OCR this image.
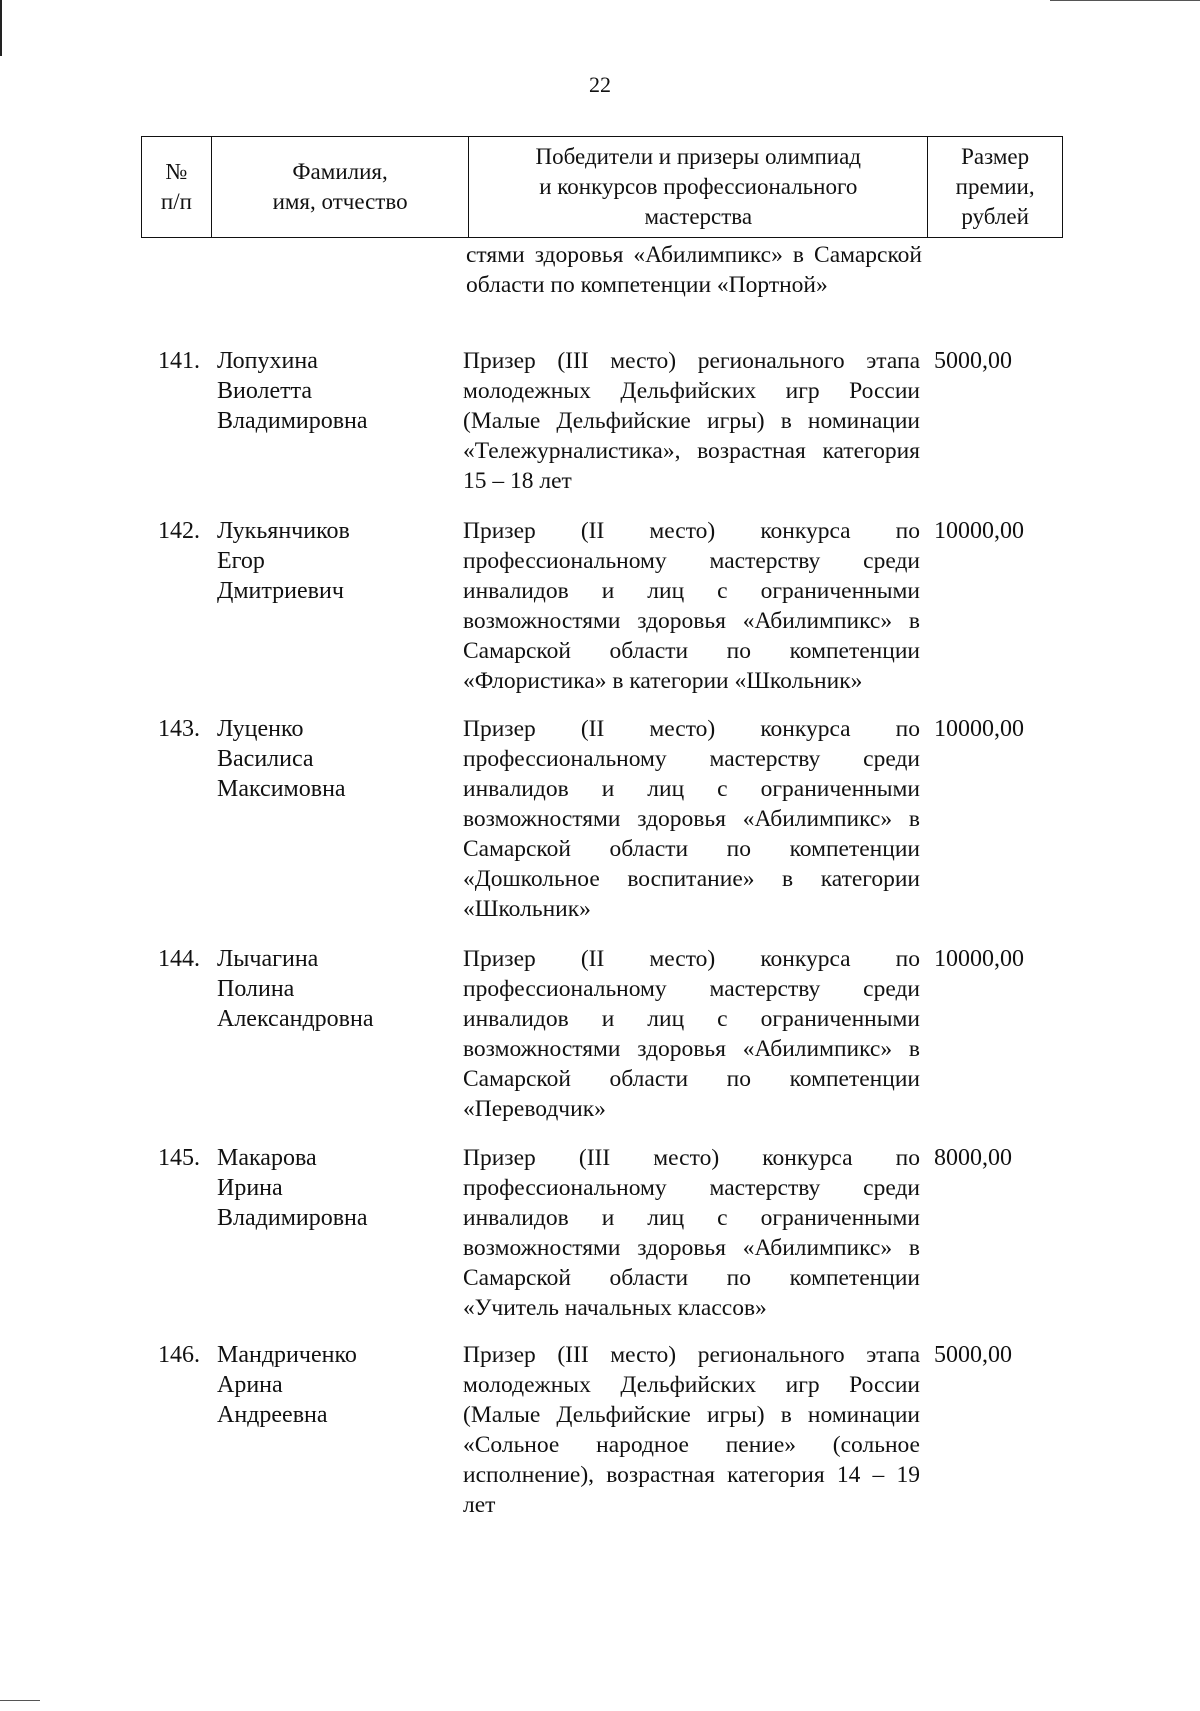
22
№
п/п
Фамилия,
имя, отчество
Победители и призеры олимпиад
и конкурсов профессионального
мастерства
Размер
премии,
рублей
стями здоровья «Абилимпикс» в Самарской области по компетенции «Портной»
141. Лопухина
Виолетта
Владимировна
Призер (III место) регионального этапа молодежных Дельфийских игр России (Малые Дельфийские игры) в номинации «Тележурналистика», возрастная категория 15 – 18 лет
5000,00
142. Лукьянчиков
Егор
Дмитриевич
Призер (II место) конкурса по профессиональному мастерству среди инвалидов и лиц с ограниченными возможностями здоровья «Абилимпикс» в Самарской области по компетенции «Флористика» в категории «Школьник»
10000,00
143. Луценко
Василиса
Максимовна
Призер (II место) конкурса по профессиональному мастерству среди инвалидов и лиц с ограниченными возможностями здоровья «Абилимпикс» в Самарской области по компетенции «Дошкольное воспитание» в категории «Школьник»
10000,00
144. Лычагина
Полина
Александровна
Призер (II место) конкурса по профессиональному мастерству среди инвалидов и лиц с ограниченными возможностями здоровья «Абилимпикс» в Самарской области по компетенции «Переводчик»
10000,00
145. Макарова
Ирина
Владимировна
Призер (III место) конкурса по профессиональному мастерству среди инвалидов и лиц с ограниченными возможностями здоровья «Абилимпикс» в Самарской области по компетенции «Учитель начальных классов»
8000,00
146. Мандриченко
Арина
Андреевна
Призер (III место) регионального этапа молодежных Дельфийских игр России (Малые Дельфийские игры) в номинации «Сольное народное пение» (сольное исполнение), возрастная категория 14 – 19 лет
5000,00
